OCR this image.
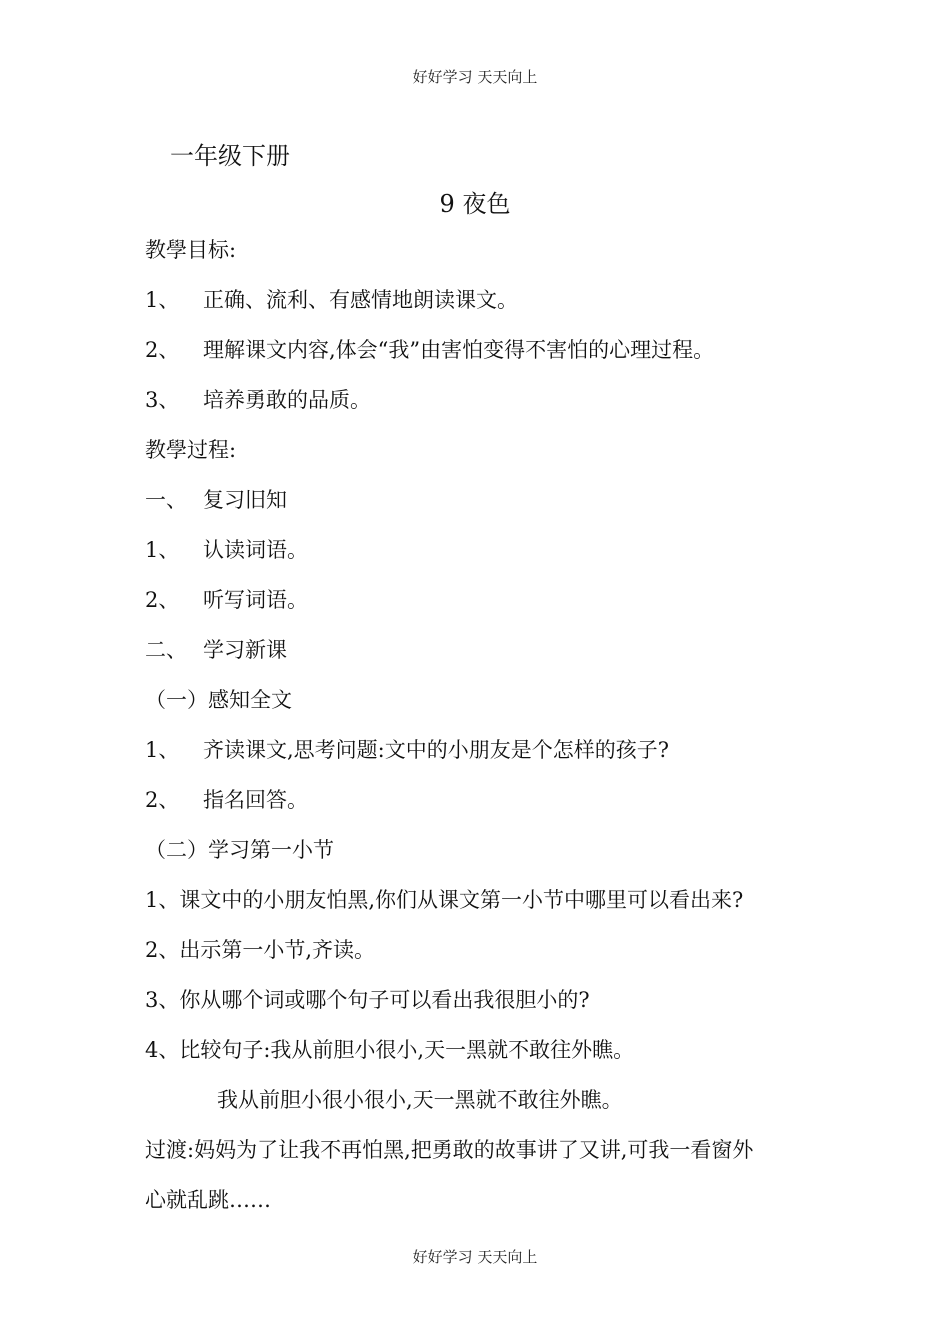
好好学习 天天向上
一年级下册
9 夜色
教學目标:
1、 正确、流利、有感情地朗读课文。
2、 理解课文内容,体会“我”由害怕变得不害怕的心理过程。
3、 培养勇敢的品质。
教學过程:
一、 复习旧知
1、 认读词语。
2、 听写词语。
二、 学习新课
（一）感知全文
1、 齐读课文,思考问题:文中的小朋友是个怎样的孩子?
2、 指名回答。
（二）学习第一小节
1、课文中的小朋友怕黑,你们从课文第一小节中哪里可以看出来?
2、出示第一小节,齐读。
3、你从哪个词或哪个句子可以看出我很胆小的?
4、比较句子:我从前胆小很小,天一黑就不敢往外瞧。
我从前胆小很小很小,天一黑就不敢往外瞧。
过渡:妈妈为了让我不再怕黑,把勇敢的故事讲了又讲,可我一看窗外
心就乱跳……
好好学习 天天向上
